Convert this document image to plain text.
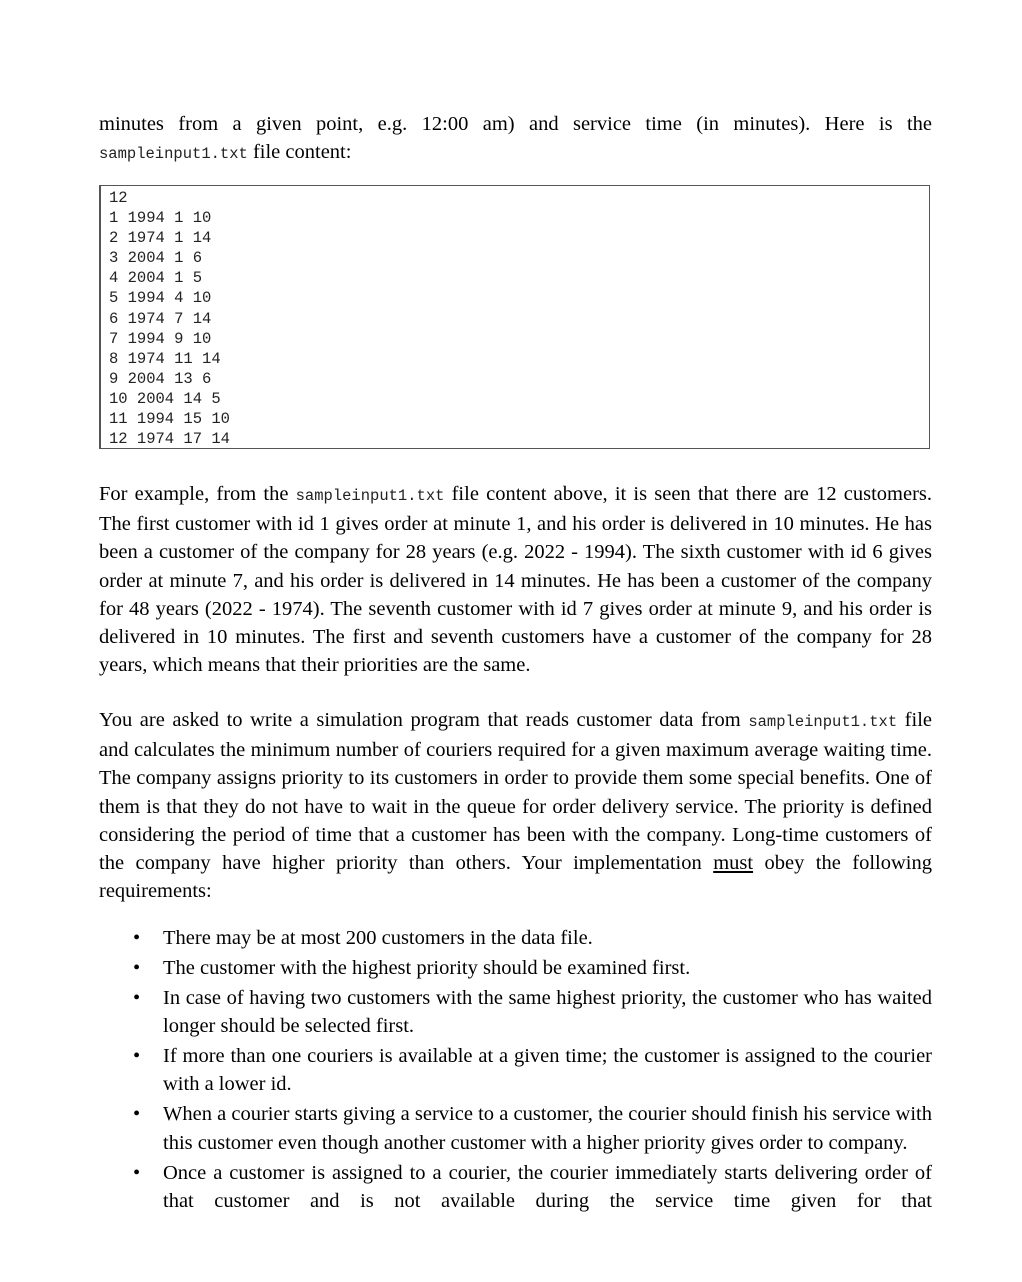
minutes from a given point, e.g. 12:00 am) and service time (in minutes). Here is the sampleinput1.txt file content:
12
1 1994 1 10
2 1974 1 14
3 2004 1 6
4 2004 1 5
5 1994 4 10
6 1974 7 14
7 1994 9 10
8 1974 11 14
9 2004 13 6
10 2004 14 5
11 1994 15 10
12 1974 17 14
For example, from the sampleinput1.txt file content above, it is seen that there are 12 customers. The first customer with id 1 gives order at minute 1, and his order is delivered in 10 minutes. He has been a customer of the company for 28 years (e.g. 2022 - 1994). The sixth customer with id 6 gives order at minute 7, and his order is delivered in 14 minutes. He has been a customer of the company for 48 years (2022 - 1974). The seventh customer with id 7 gives order at minute 9, and his order is delivered in 10 minutes. The first and seventh customers have a customer of the company for 28 years, which means that their priorities are the same.
You are asked to write a simulation program that reads customer data from sampleinput1.txt file and calculates the minimum number of couriers required for a given maximum average waiting time. The company assigns priority to its customers in order to provide them some special benefits. One of them is that they do not have to wait in the queue for order delivery service. The priority is defined considering the period of time that a customer has been with the company. Long-time customers of the company have higher priority than others. Your implementation must obey the following requirements:
• There may be at most 200 customers in the data file.
• The customer with the highest priority should be examined first.
• In case of having two customers with the same highest priority, the customer who has waited longer should be selected first.
• If more than one couriers is available at a given time; the customer is assigned to the courier with a lower id.
• When a courier starts giving a service to a customer, the courier should finish his service with this customer even though another customer with a higher priority gives order to company.
• Once a customer is assigned to a courier, the courier immediately starts delivering order of that customer and is not available during the service time given for that
